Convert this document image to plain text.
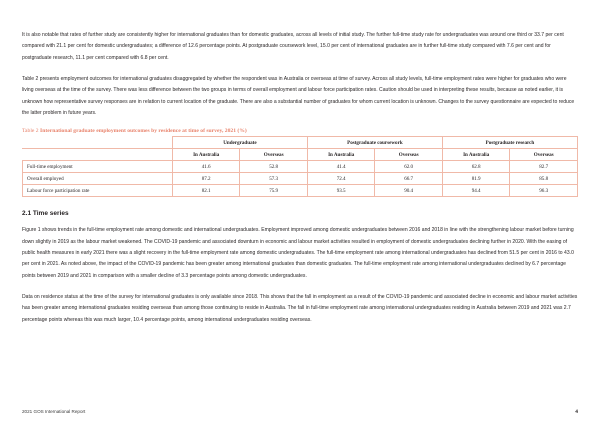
It is also notable that rates of further study are consistently higher for international graduates than for domestic graduates, across all levels of initial study. The further full-time study rate for undergraduates was around one third or 33.7 per cent compared with 21.1 per cent for domestic undergraduates; a difference of 12.6 percentage points. At postgraduate coursework level, 15.0 per cent of international graduates are in further full-time study compared with 7.6 per cent and for postgraduate research, 11.1 per cent compared with 6.8 per cent.

Table 2 presents employment outcomes for international graduates disaggregated by whether the respondent was in Australia or overseas at time of survey. Across all study levels, full-time employment rates were higher for graduates who were living overseas at the time of the survey. There was less difference between the two groups in terms of overall employment and labour force participation rates. Caution should be used in interpreting these results, because as noted earlier, it is unknown how representative survey responses are in relation to current location of the graduate. There are also a substantial number of graduates for whom current location is unknown. Changes to the survey questionnaire are expected to reduce the latter problem in future years.

Table 2 International graduate employment outcomes by residence at time of survey, 2021 (%)
	Undergraduate		Postgraduate coursework		Postgraduate research	
	In Australia	Overseas	In Australia	Overseas	In Australia	Overseas
Full-time employment	41.6	52.8	41.4	62.0	62.8	82.7
Overall employed	87.2	57.3	72.4	66.7	81.9	85.8
Labour force participation rate	82.1	75.9	93.5	90.4	94.4	96.3
2.1 Time series

Figure 1 shows trends in the full-time employment rate among domestic and international undergraduates. Employment improved among domestic undergraduates between 2016 and 2018 in line with the strengthening labour market before turning down slightly in 2019 as the labour market weakened. The COVID-19 pandemic and associated downturn in economic and labour market activities resulted in employment of domestic undergraduates declining further in 2020. With the easing of public health measures in early 2021 there was a slight recovery in the full-time employment rate among domestic undergraduates. The full-time employment rate among international undergraduates has declined from 51.5 per cent in 2016 to 43.0 per cent in 2021. As noted above, the impact of the COVID-19 pandemic has been greater among international graduates than domestic graduates. The full-time employment rate among international undergraduates declined by 6.7 percentage points between 2019 and 2021 in comparison with a smaller decline of 3.3 percentage points among domestic undergraduates.

Data on residence status at the time of the survey for international graduates is only available since 2018. This shows that the fall in employment as a result of the COVID-19 pandemic and associated decline in economic and labour market activities has been greater among international graduates residing overseas than among those continuing to reside in Australia. The fall in full-time employment rate among international undergraduates residing in Australia between 2019 and 2021 was 2.7 percentage points whereas this was much larger, 10.4 percentage points, among international undergraduates residing overseas.

2021 GOS International Report	4
